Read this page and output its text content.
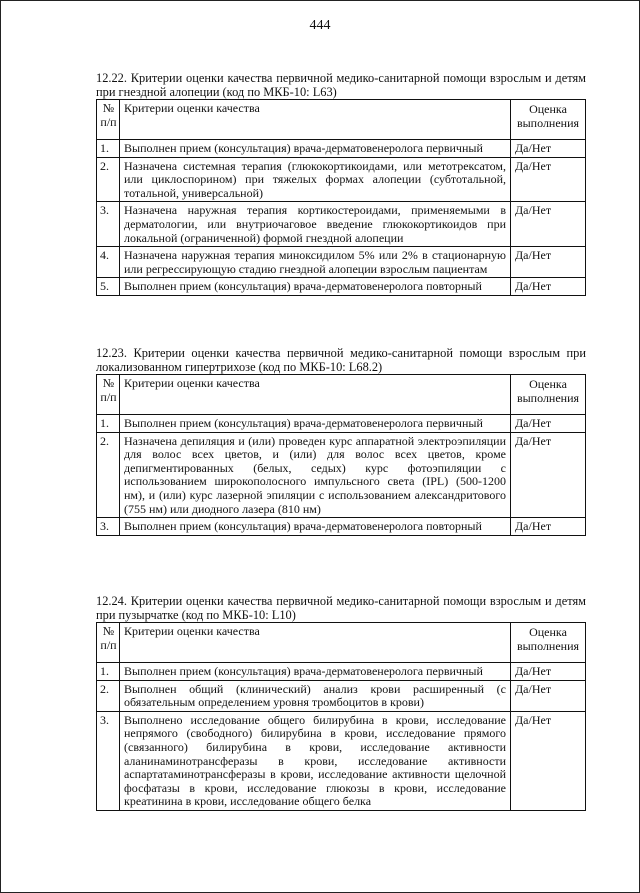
444

12.22. Критерии оценки качества первичной медико-санитарной помощи взрослым и детям при гнездной алопеции (код по МКБ-10: L63)

№ п/п	Критерии оценки качества	Оценка выполнения

1.	Выполнен прием (консультация) врача-дерматовенеролога первичный	Да/Нет
2.	Назначена системная терапия (глюкокортикоидами, или метотрексатом, или циклоспорином) при тяжелых формах алопеции (субтотальной, тотальной, универсальной)	Да/Нет
3.	Назначена наружная терапия кортикостероидами, применяемыми в дерматологии, или внутриочаговое введение глюкокортикоидов при локальной (ограниченной) формой гнездной алопеции	Да/Нет
4.	Назначена наружная терапия миноксидилом 5% или 2% в стационарную или регрессирующую стадию гнездной алопеции взрослым пациентам	Да/Нет
5.	Выполнен прием (консультация) врача-дерматовенеролога повторный	Да/Нет

12.23. Критерии оценки качества первичной медико-санитарной помощи взрослым при локализованном гипертрихозе (код по МКБ-10: L68.2)

№ п/п	Критерии оценки качества	Оценка выполнения

1.	Выполнен прием (консультация) врача-дерматовенеролога первичный	Да/Нет
2.	Назначена депиляция и (или) проведен курс аппаратной электроэпиляции для волос всех цветов, и (или) для волос всех цветов, кроме депигментированных (белых, седых) курс фотоэпиляции с использованием широкополосного импульсного света (IPL) (500-1200 нм), и (или) курс лазерной эпиляции с использованием александритового (755 нм) или диодного лазера (810 нм)	Да/Нет
3.	Выполнен прием (консультация) врача-дерматовенеролога повторный	Да/Нет

12.24. Критерии оценки качества первичной медико-санитарной помощи взрослым и детям при пузырчатке (код по МКБ-10: L10)

№ п/п	Критерии оценки качества	Оценка выполнения

1.	Выполнен прием (консультация) врача-дерматовенеролога первичный	Да/Нет
2.	Выполнен общий (клинический) анализ крови расширенный (с обязательным определением уровня тромбоцитов в крови)	Да/Нет
3.	Выполнено исследование общего билирубина в крови, исследование непрямого (свободного) билирубина в крови, исследование прямого (связанного) билирубина в крови, исследование активности аланинаминотрансферазы в крови, исследование активности аспартатаминотрансферазы в крови, исследование активности щелочной фосфатазы в крови, исследование глюкозы в крови, исследование креатинина в крови, исследование общего белка	Да/Нет
